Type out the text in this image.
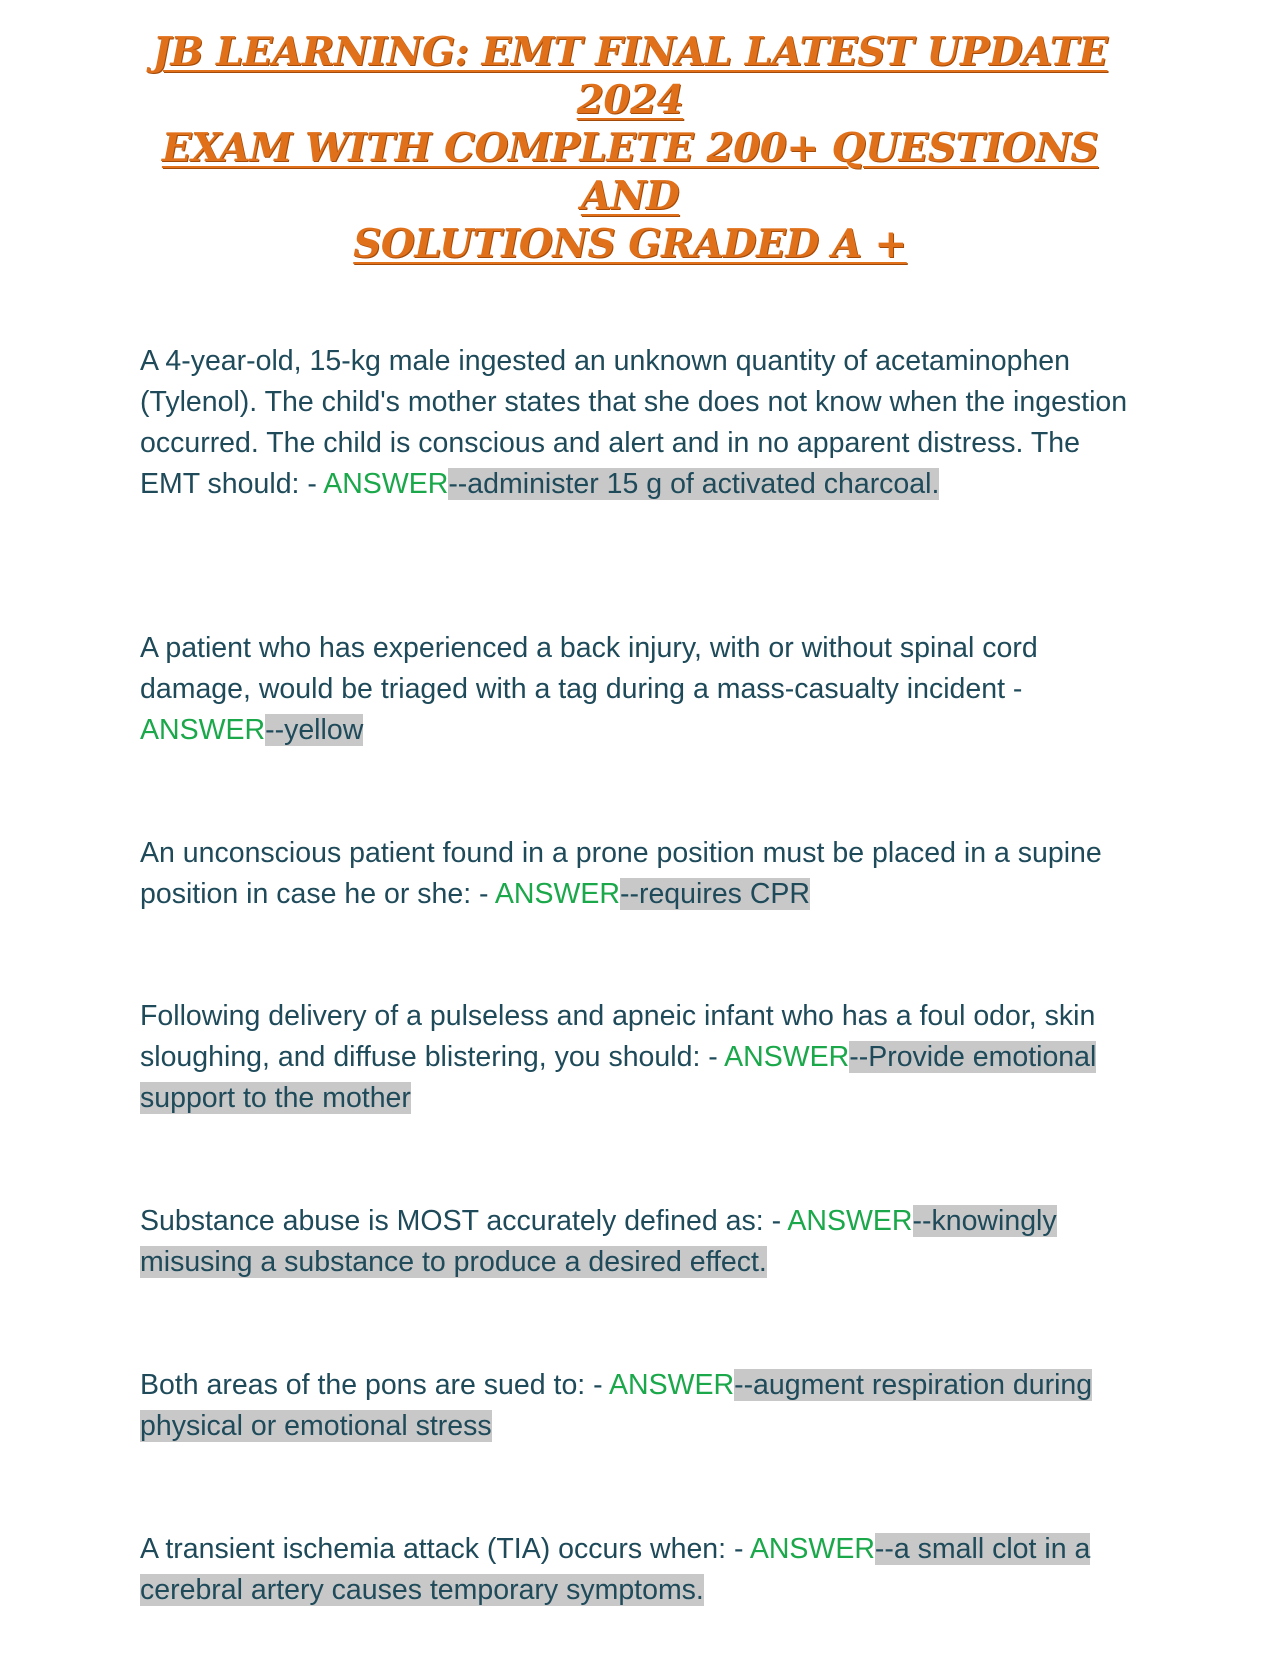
JB LEARNING: EMT FINAL LATEST UPDATE 2024
EXAM WITH COMPLETE 200+ QUESTIONS AND
SOLUTIONS GRADED A +

A 4-year-old, 15-kg male ingested an unknown quantity of acetaminophen (Tylenol). The child's mother states that she does not know when the ingestion occurred. The child is conscious and alert and in no apparent distress. The EMT should: - ANSWER--administer 15 g of activated charcoal.

A patient who has experienced a back injury, with or without spinal cord damage, would be triaged with a tag during a mass-casualty incident - ANSWER--yellow

An unconscious patient found in a prone position must be placed in a supine position in case he or she: - ANSWER--requires CPR

Following delivery of a pulseless and apneic infant who has a foul odor, skin sloughing, and diffuse blistering, you should: - ANSWER--Provide emotional support to the mother

Substance abuse is MOST accurately defined as: - ANSWER--knowingly misusing a substance to produce a desired effect.

Both areas of the pons are sued to: - ANSWER--augment respiration during physical or emotional stress

A transient ischemia attack (TIA) occurs when: - ANSWER--a small clot in a cerebral artery causes temporary symptoms.
